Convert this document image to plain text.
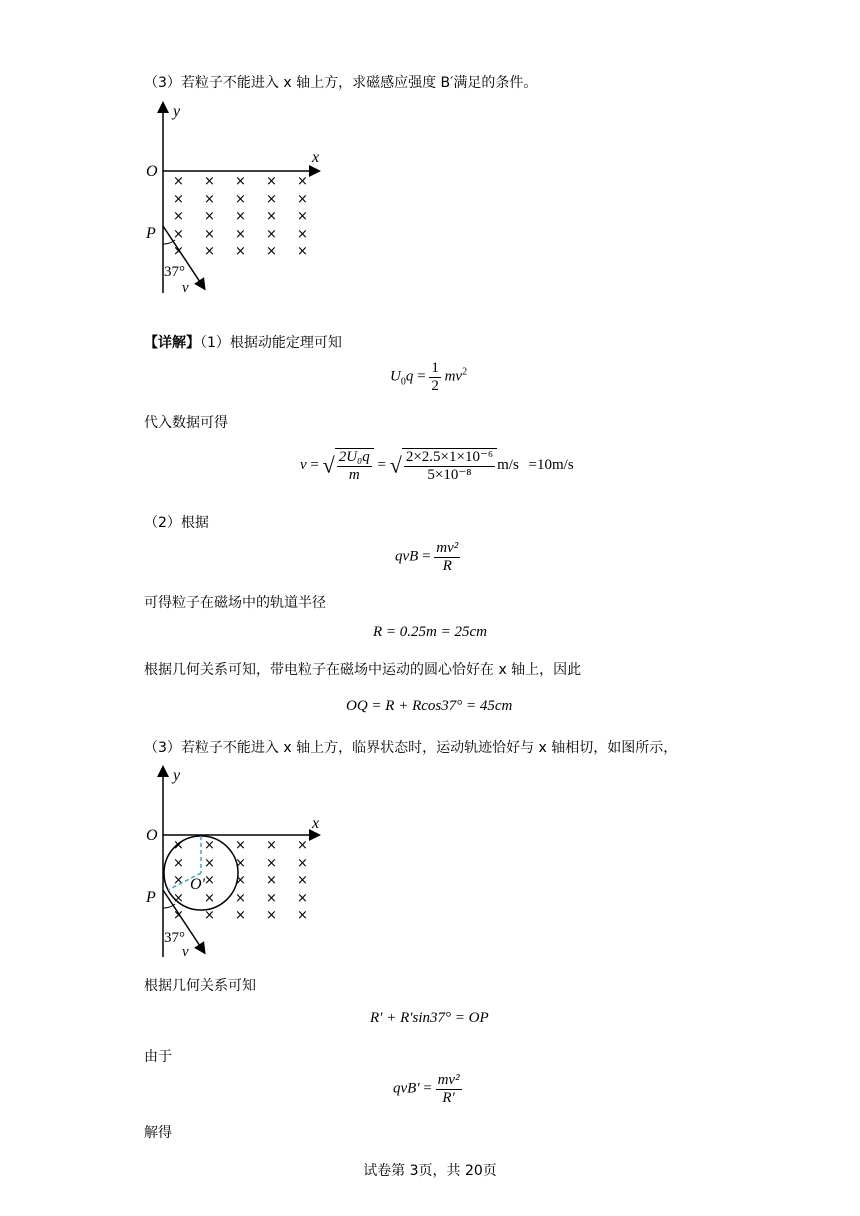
（3）若粒子不能进入 x 轴上方，求磁感应强度 B′满足的条件。
y
x
O
P
× × × × ×
× × × × ×
× × × × ×
× × × × ×
× × × × ×
37°
v
【详解】（1）根据动能定理可知
$U_0q = \frac{1}{2} mv^2$
代入数据可得
v = √ $\frac{\text{2U₀q}}{m}$ = √ $\frac{\text{2×2.5×1×10⁻⁶}}{\text{5×10⁻⁸}} m/s =10m/s$
（2）根据
qvB = $\frac{\text{mv²}}{R}$
可得粒子在磁场中的轨道半径
R = 0.25m = 25cm
根据几何关系可知，带电粒子在磁场中运动的圆心恰好在 x 轴上，因此
OQ = R + Rcos37° = 45cm
（3）若粒子不能进入 x 轴上方，临界状态时，运动轨迹恰好与 x 轴相切，如图所示，
y
x
O
P
× × × × ×
× × × × ×
× × × × ×
× × × × ×
× × × × ×
O′
37°
v
根据几何关系可知
R′ + R′sin37° = OP
由于
$qvB' = \frac{\text{mv²}}{R'}$
解得
试卷第 3页，共 20页
